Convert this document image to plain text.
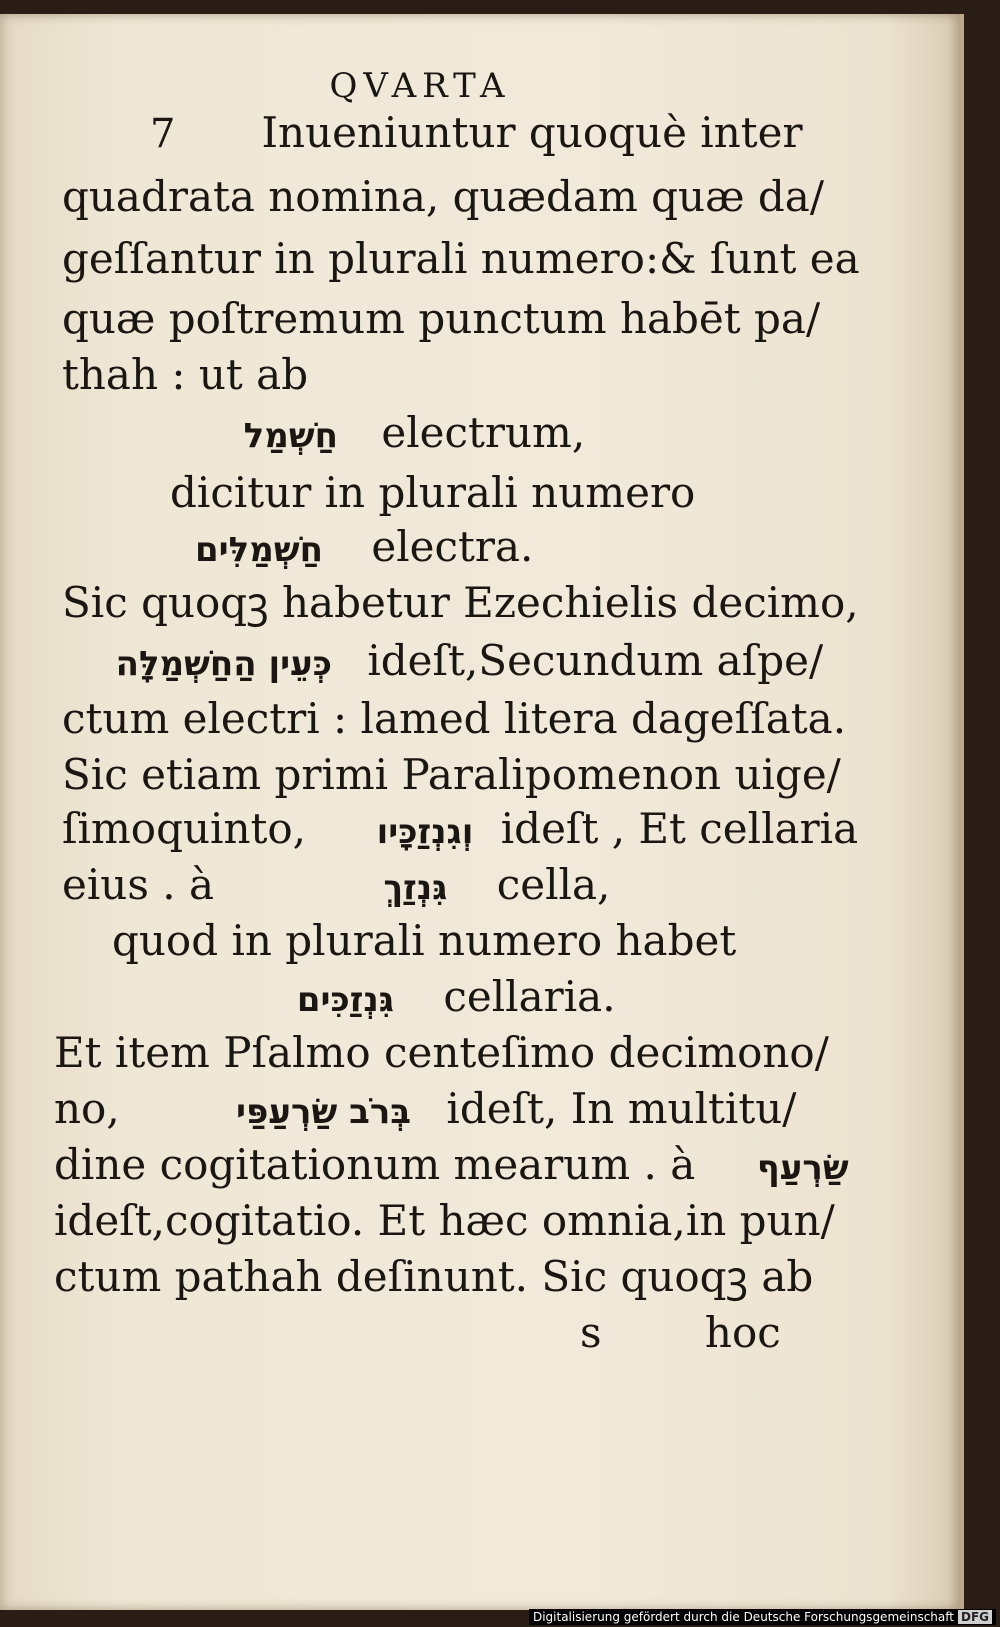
QVARTA
7 Inueniuntur quoquè inter
quadrata nomina, quædam quæ da/
geſſantur in plurali numero:& ſunt ea
quæ poſtremum punctum habēt pa/
thah : ut ab
חַשְׁמַל electrum,
dicitur in plurali numero
חַשְׁמַלִּים electra.
Sic quoqꝫ habetur Ezechielis decimo,
כְּעֵין הַחַשְׁמַלָּה ideſt,Secundum aſpe/
ctum electri : lamed litera dageſſata.
Sic etiam primi Paralipomenon uige/
ſimoquinto, וְגִנְזַכָּיו ideſt , Et cellaria
eius . à	גִּנְזַךְ cella,
quod in plurali numero habet
גִּנְזַכִּים cellaria.
Et item Pſalmo centeſimo decimono/
no,	בְּרֹב שַׂרְעַפַּי ideſt, In multitu/
dine cogitationum mearum . à שַׂרְעַף
ideſt,cogitatio. Et hæc omnia,in pun/
ctum pathah deſinunt. Sic quoqꝫ ab
s hoc
Digitalisierung gefördert durch die Deutsche Forschungsgemeinschaft DFG
